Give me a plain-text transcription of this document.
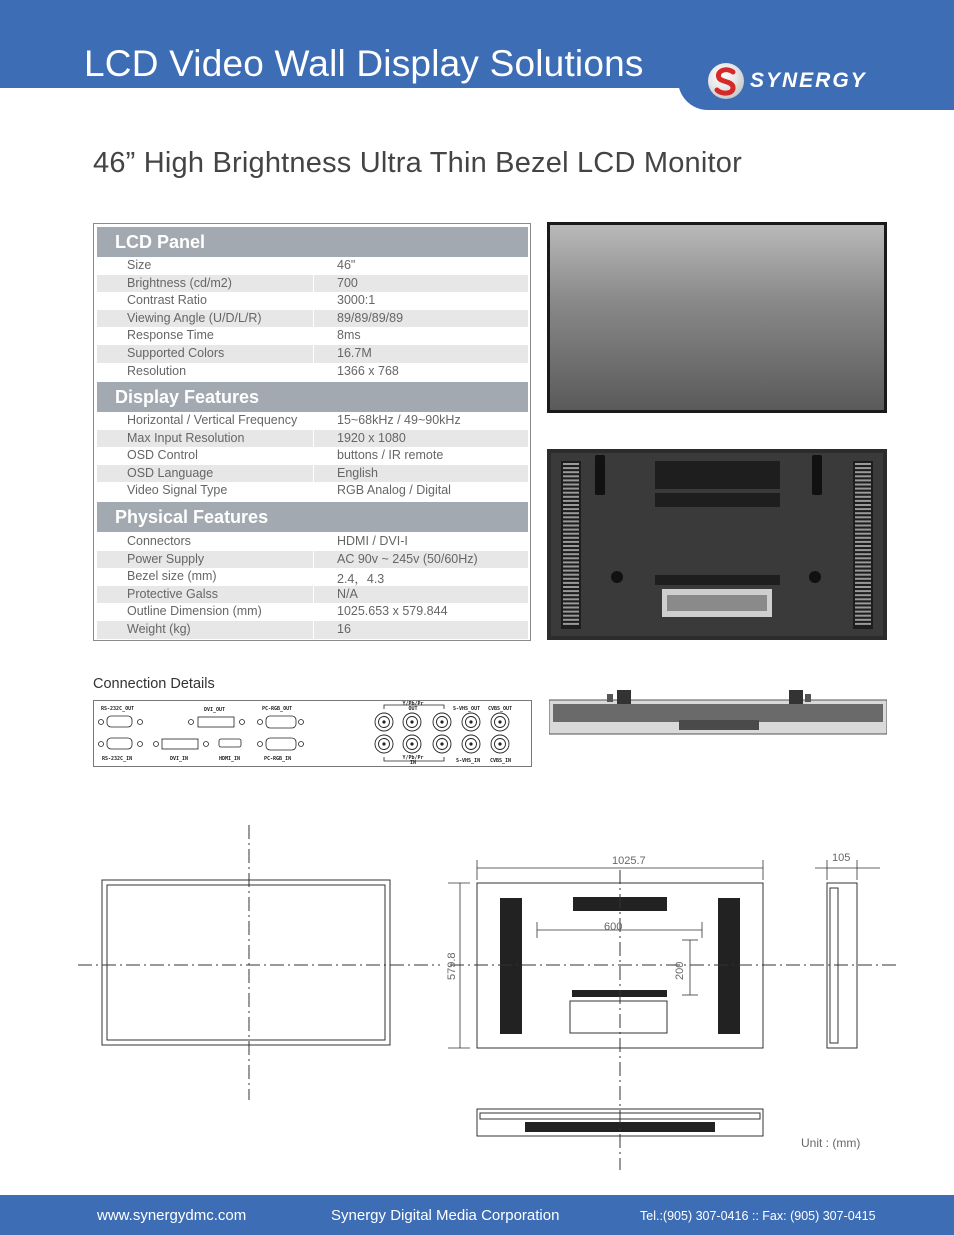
LCD Video Wall Display Solutions	SYNERGY
46” High Brightness Ultra Thin Bezel LCD Monitor
LCD Panel
Size	46"
Brightness (cd/m2)	700
Contrast Ratio	3000:1
Viewing Angle (U/D/L/R)	89/89/89/89
Response Time	8ms
Supported Colors	16.7M
Resolution	1366 x 768
Display Features
Horizontal / Vertical Frequency	15~68kHz / 49~90kHz
Max Input Resolution	1920 x 1080
OSD Control	buttons / IR remote
OSD Language	English
Video Signal Type	RGB Analog / Digital
Physical Features
Connectors	HDMI / DVI-I
Power Supply	AC 90v ~ 245v (50/60Hz)
Bezel size (mm)	2.4，4.3
Protective Galss	N/A
Outline Dimension (mm)	1025.653 x 579.844
Weight (kg)	16
Connection Details
RS-232C_OUT	DVI_OUT	PC-RGB_OUT
Y/Pb/Pr OUT	S-VHS_OUT CVBS_OUT
RS-232C_IN	DVI_IN	HDMI_IN	PC-RGB_IN	Y/Pb/Pr IN	S-VHS_IN CVBS_IN
1025.7	105
579.8
600
200
Unit : (mm)
www.synergydmc.com	Synergy Digital Media Corporation	Tel.:(905) 307-0416 :: Fax: (905) 307-0415
